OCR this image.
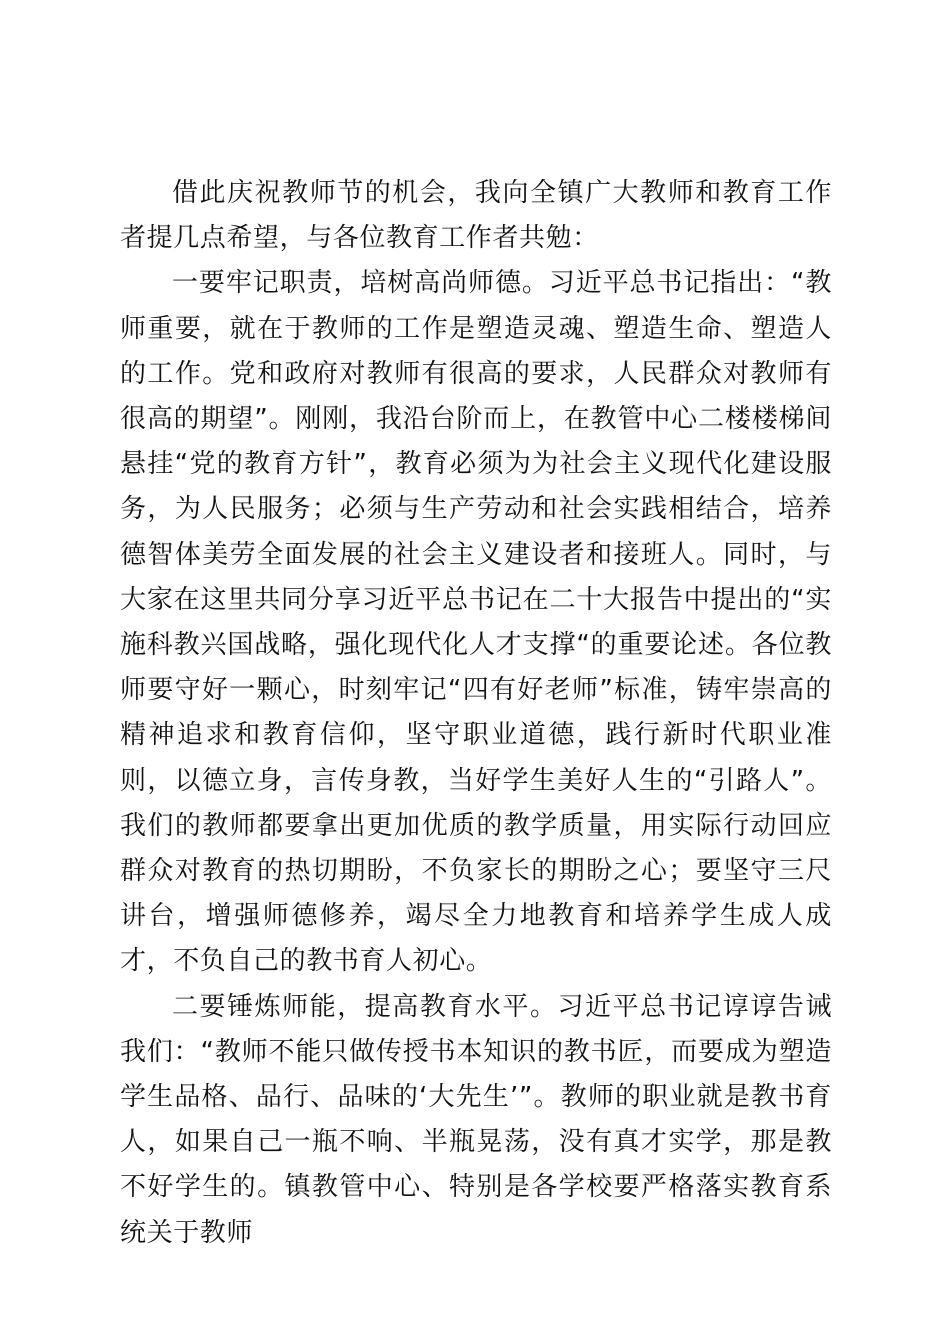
借此庆祝教师节的机会，我向全镇广大教师和教育工作者提几点希望，与各位教育工作者共勉：

一要牢记职责，培树高尚师德。习近平总书记指出：“教师重要，就在于教师的工作是塑造灵魂、塑造生命、塑造人的工作。党和政府对教师有很高的要求，人民群众对教师有很高的期望”。刚刚，我沿台阶而上，在教管中心二楼楼梯间悬挂“党的教育方针”，教育必须为为社会主义现代化建设服务，为人民服务；必须与生产劳动和社会实践相结合，培养德智体美劳全面发展的社会主义建设者和接班人。同时，与大家在这里共同分享习近平总书记在二十大报告中提出的“实施科教兴国战略，强化现代化人才支撑“的重要论述。各位教师要守好一颗心，时刻牢记“四有好老师”标准，铸牢崇高的精神追求和教育信仰，坚守职业道德，践行新时代职业准则，以德立身，言传身教，当好学生美好人生的“引路人”。我们的教师都要拿出更加优质的教学质量，用实际行动回应群众对教育的热切期盼，不负家长的期盼之心；要坚守三尺讲台，增强师德修养，竭尽全力地教育和培养学生成人成才，不负自己的教书育人初心。

二要锤炼师能，提高教育水平。习近平总书记谆谆告诫我们：“教师不能只做传授书本知识的教书匠，而要成为塑造学生品格、品行、品味的‘大先生’”。教师的职业就是教书育人，如果自己一瓶不响、半瓶晃荡，没有真才实学，那是教不好学生的。镇教管中心、特别是各学校要严格落实教育系统关于教师
